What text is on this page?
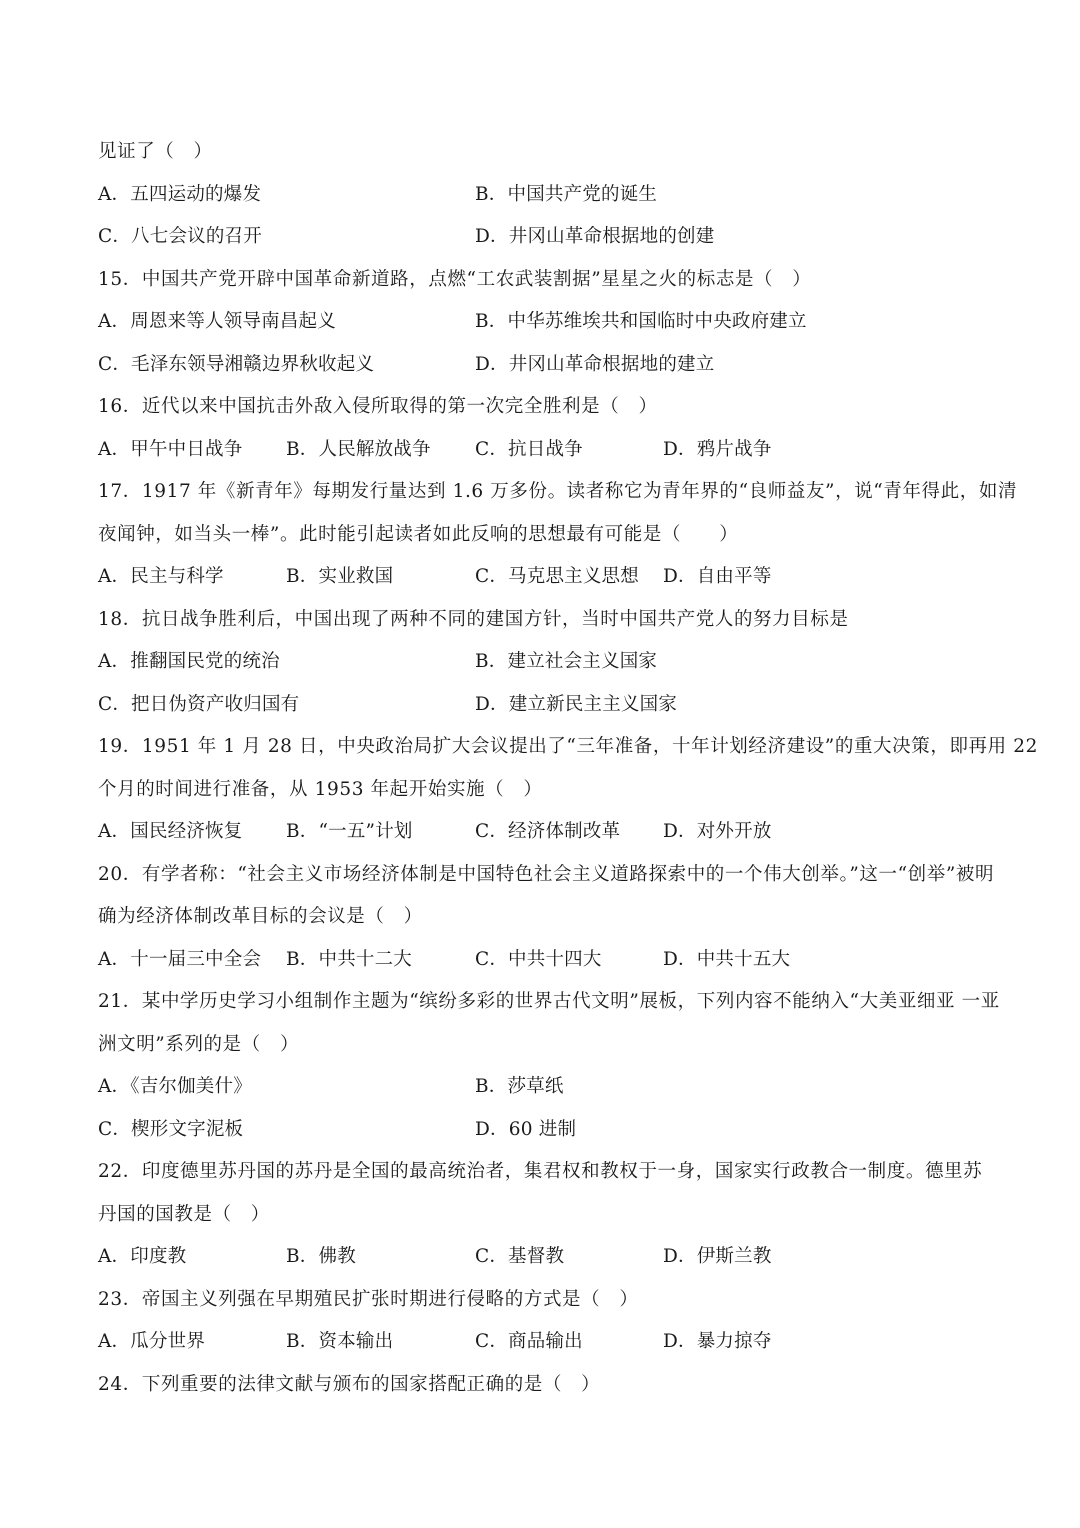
见证了（　）
A．五四运动的爆发	B．中国共产党的诞生
C．八七会议的召开	D．井冈山革命根据地的创建
15．中国共产党开辟中国革命新道路，点燃“工农武装割据”星星之火的标志是（　）
A．周恩来等人领导南昌起义	B．中华苏维埃共和国临时中央政府建立
C．毛泽东领导湘赣边界秋收起义	D．井冈山革命根据地的建立
16．近代以来中国抗击外敌入侵所取得的第一次完全胜利是（　）
A．甲午中日战争 B．人民解放战争 C．抗日战争	D．鸦片战争
17．1917 年《新青年》每期发行量达到 1.6 万多份。读者称它为青年界的“良师益友”，说“青年得此，如清
夜闻钟，如当头一棒”。此时能引起读者如此反响的思想最有可能是（　　）
A．民主与科学	B．实业救国	C．马克思主义思想 D．自由平等
18．抗日战争胜利后，中国出现了两种不同的建国方针，当时中国共产党人的努力目标是
A．推翻国民党的统治	B．建立社会主义国家
C．把日伪资产收归国有	D．建立新民主主义国家
19．1951 年 1 月 28 日，中央政治局扩大会议提出了“三年准备，十年计划经济建设”的重大决策，即再用 22
个月的时间进行准备，从 1953 年起开始实施（　）
A．国民经济恢复 B．“一五”计划	C．经济体制改革 D．对外开放
20．有学者称：“社会主义市场经济体制是中国特色社会主义道路探索中的一个伟大创举。”这一“创举”被明
确为经济体制改革目标的会议是（　）
A．十一届三中全会 B．中共十二大	C．中共十四大	D．中共十五大
21．某中学历史学习小组制作主题为“缤纷多彩的世界古代文明”展板，下列内容不能纳入“大美亚细亚 一亚
洲文明”系列的是（　）
A．《吉尔伽美什》	B．莎草纸
C．楔形文字泥板	D．60 进制
22．印度德里苏丹国的苏丹是全国的最高统治者，集君权和教权于一身，国家实行政教合一制度。德里苏
丹国的国教是（　）
A．印度教	B．佛教	C．基督教	D．伊斯兰教
23．帝国主义列强在早期殖民扩张时期进行侵略的方式是（　）
A．瓜分世界	B．资本输出	C．商品输出	D．暴力掠夺
24．下列重要的法律文献与颁布的国家搭配正确的是（　）
